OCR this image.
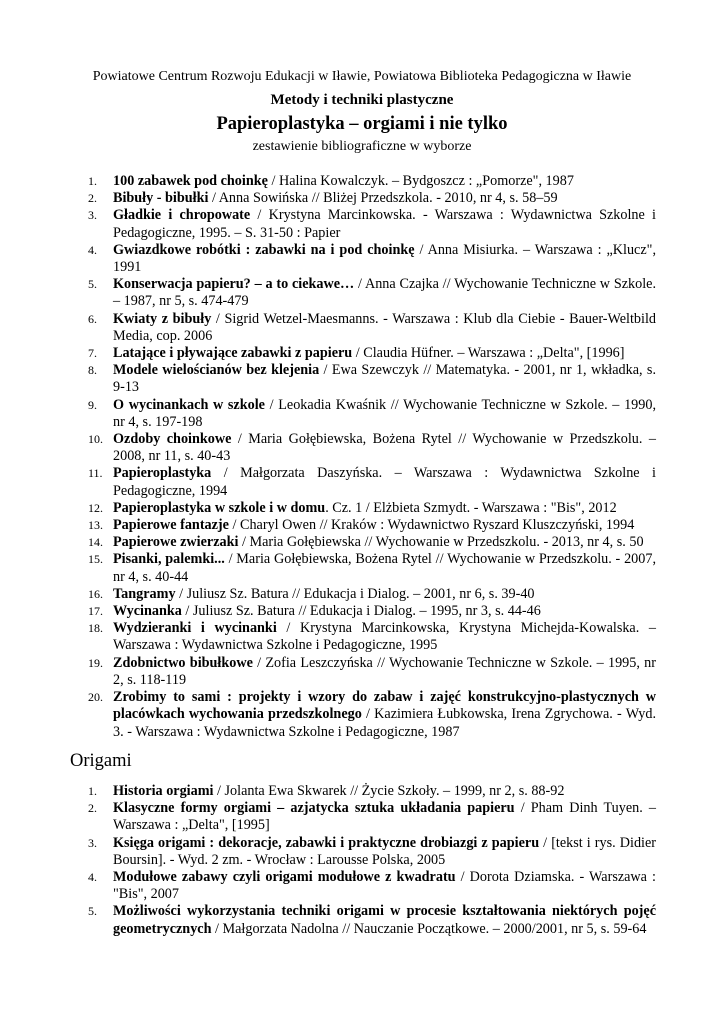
Powiatowe Centrum Rozwoju Edukacji w Iławie, Powiatowa Biblioteka Pedagogiczna w Iławie
Metody i techniki plastyczne
Papieroplastyka – orgiami i nie tylko
zestawienie bibliograficzne w wyborze
1.	100 zabawek pod choinkę / Halina Kowalczyk. – Bydgoszcz : „Pomorze", 1987
2.	Bibuły - bibułki / Anna Sowińska // Bliżej Przedszkola. - 2010, nr 4, s. 58–59
3.	Gładkie i chropowate / Krystyna Marcinkowska. - Warszawa : Wydawnictwa Szkolne i Pedagogiczne, 1995. – S. 31-50 : Papier
4.	Gwiazdkowe robótki : zabawki na i pod choinkę / Anna Misiurka. – Warszawa : „Klucz", 1991
5.	Konserwacja papieru? – a to ciekawe… / Anna Czajka // Wychowanie Techniczne w Szkole. – 1987, nr 5, s. 474-479
6.	Kwiaty z bibuły / Sigrid Wetzel-Maesmanns. - Warszawa : Klub dla Ciebie - Bauer-Weltbild Media, cop. 2006
7.	Latające i pływające zabawki z papieru / Claudia Hüfner. – Warszawa : „Delta", [1996]
8.	Modele wielościanów bez klejenia / Ewa Szewczyk // Matematyka. - 2001, nr 1, wkładka, s. 9-13
9.	O wycinankach w szkole / Leokadia Kwaśnik // Wychowanie Techniczne w Szkole. – 1990, nr 4, s. 197-198
10. Ozdoby choinkowe / Maria Gołębiewska, Bożena Rytel // Wychowanie w Przedszkolu. – 2008, nr 11, s. 40-43
11. Papieroplastyka / Małgorzata Daszyńska. – Warszawa : Wydawnictwa Szkolne i Pedagogiczne, 1994
12. Papieroplastyka w szkole i w domu. Cz. 1 / Elżbieta Szmydt. - Warszawa : "Bis", 2012
13. Papierowe fantazje / Charyl Owen // Kraków : Wydawnictwo Ryszard Kluszczyński, 1994
14. Papierowe zwierzaki / Maria Gołębiewska // Wychowanie w Przedszkolu. - 2013, nr 4, s. 50
15. Pisanki, palemki... / Maria Gołębiewska, Bożena Rytel // Wychowanie w Przedszkolu. - 2007, nr 4, s. 40-44
16. Tangramy / Juliusz Sz. Batura // Edukacja i Dialog. – 2001, nr 6, s. 39-40
17. Wycinanka / Juliusz Sz. Batura // Edukacja i Dialog. – 1995, nr 3, s. 44-46
18. Wydzieranki i wycinanki / Krystyna Marcinkowska, Krystyna Michejda-Kowalska. – Warszawa : Wydawnictwa Szkolne i Pedagogiczne, 1995
19. Zdobnictwo bibułkowe / Zofia Leszczyńska // Wychowanie Techniczne w Szkole. – 1995, nr 2, s. 118-119
20. Zrobimy to sami : projekty i wzory do zabaw i zajęć konstrukcyjno-plastycznych w placówkach wychowania przedszkolnego / Kazimiera Łubkowska, Irena Zgrychowa. - Wyd. 3. - Warszawa : Wydawnictwa Szkolne i Pedagogiczne, 1987
Origami
1.	Historia orgiami / Jolanta Ewa Skwarek // Życie Szkoły. – 1999, nr 2, s. 88-92
2.	Klasyczne formy orgiami – azjatycka sztuka układania papieru / Pham Dinh Tuyen. – Warszawa : „Delta", [1995]
3.	Księga origami : dekoracje, zabawki i praktyczne drobiazgi z papieru / [tekst i rys. Didier Boursin]. - Wyd. 2 zm. - Wrocław : Larousse Polska, 2005
4.	Modułowe zabawy czyli origami modułowe z kwadratu / Dorota Dziamska. - Warszawa : "Bis", 2007
5.	Możliwości wykorzystania techniki origami w procesie kształtowania niektórych pojęć geometrycznych / Małgorzata Nadolna // Nauczanie Początkowe. – 2000/2001, nr 5, s. 59-64
